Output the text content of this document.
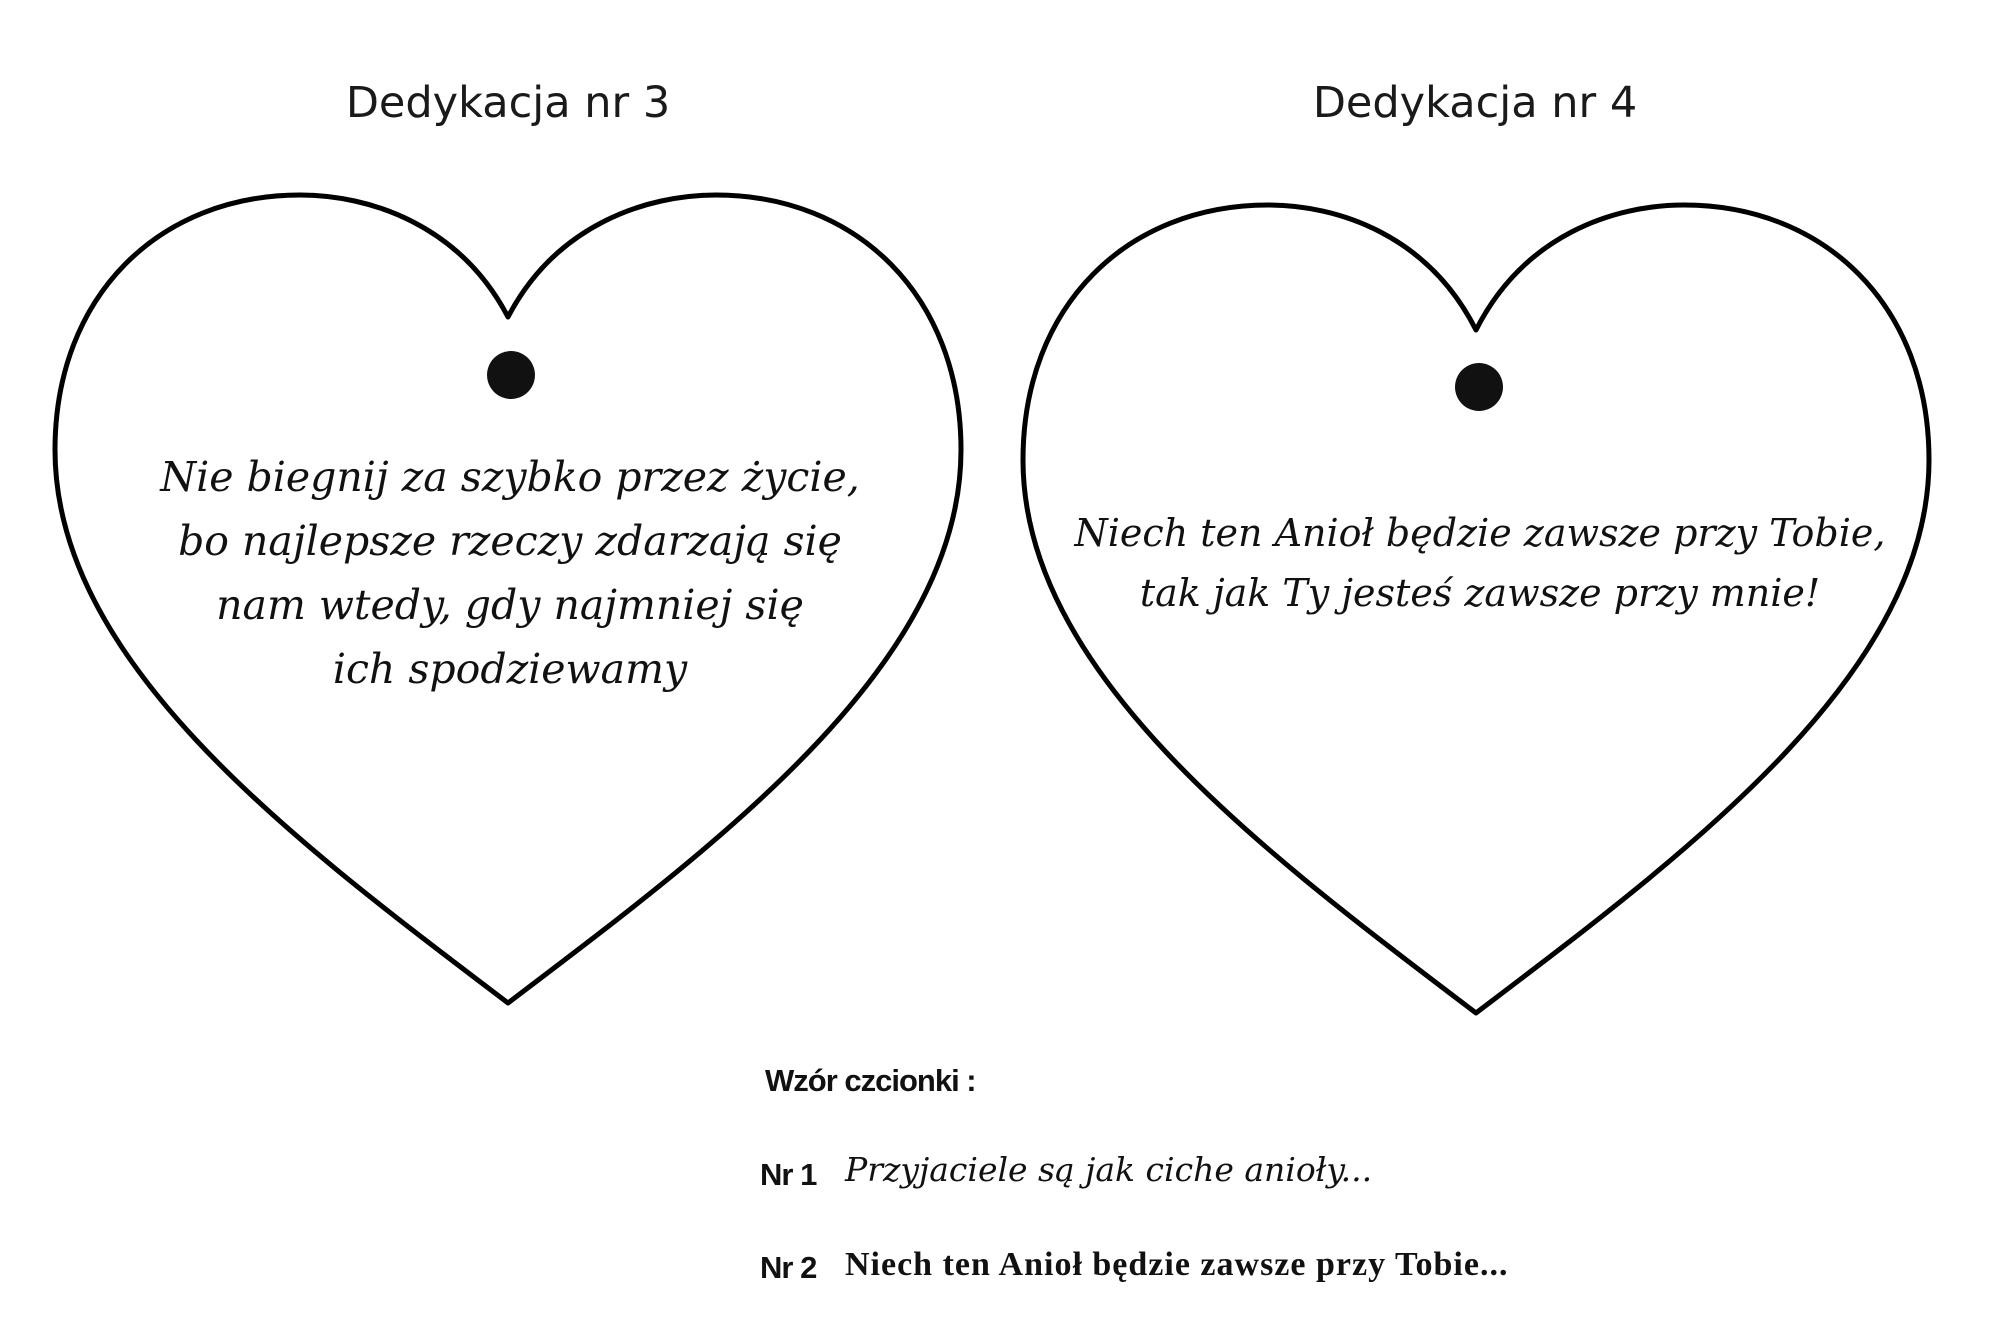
Dedykacja nr 3
Nie biegnij za szybko przez życie,
bo najlepsze rzeczy zdarzają się
nam wtedy, gdy najmniej się
ich spodziewamy
Dedykacja nr 4
Niech ten Anioł będzie zawsze przy Tobie,
tak jak Ty jesteś zawsze przy mnie!
Wzór czcionki :
Nr 1 Przyjaciele są jak ciche anioły...
Nr 2 Niech ten Anioł będzie zawsze przy Tobie...
